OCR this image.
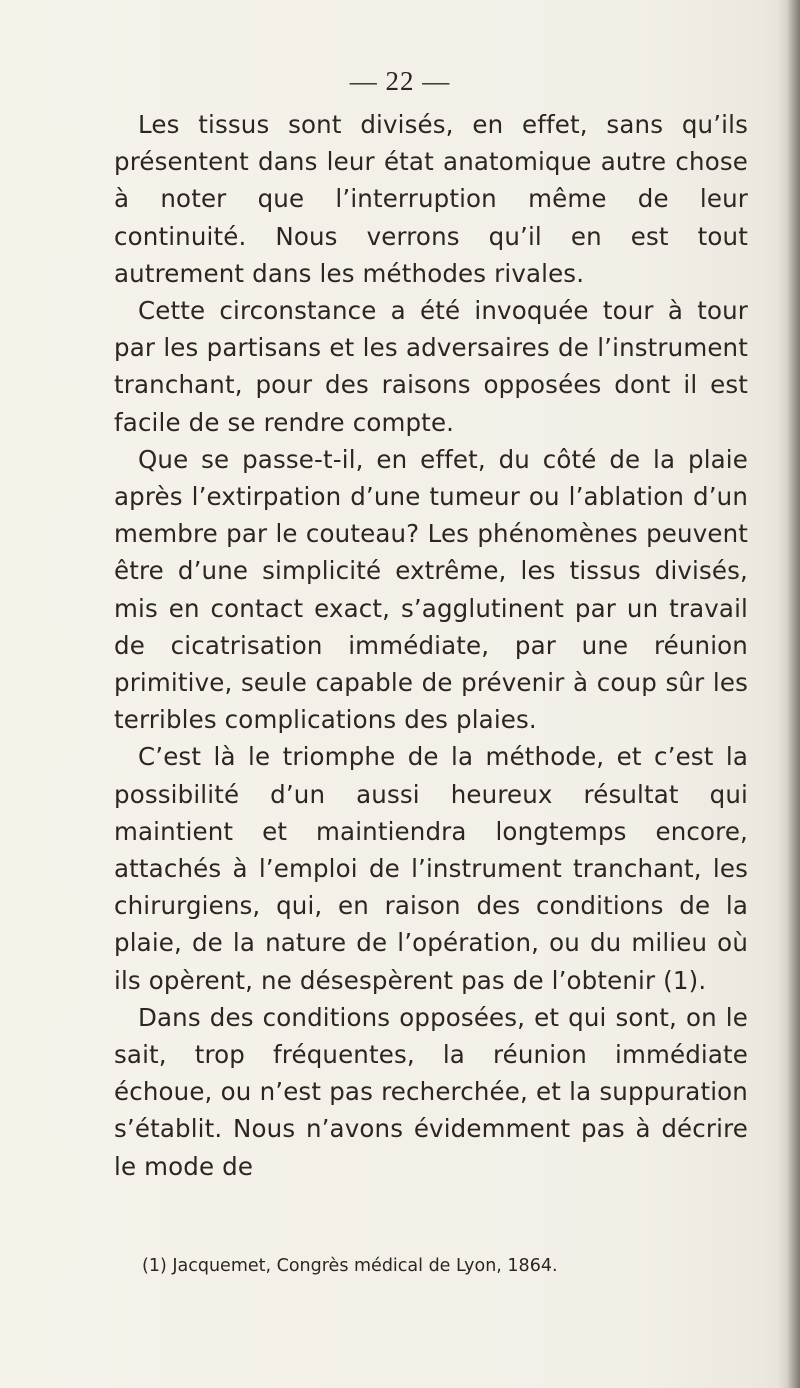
— 22 —

Les tissus sont divisés, en effet, sans qu’ils présentent dans leur état anatomique autre chose à noter que l’interruption même de leur continuité. Nous verrons qu’il en est tout autrement dans les méthodes rivales.

Cette circonstance a été invoquée tour à tour par les partisans et les adversaires de l’instrument tranchant, pour des raisons opposées dont il est facile de se rendre compte.

Que se passe-t-il, en effet, du côté de la plaie après l’extirpation d’une tumeur ou l’ablation d’un membre par le couteau? Les phénomènes peuvent être d’une simplicité extrême, les tissus divisés, mis en contact exact, s’agglutinent par un travail de cicatrisation immédiate, par une réunion primitive, seule capable de prévenir à coup sûr les terribles complications des plaies.

C’est là le triomphe de la méthode, et c’est la possibilité d’un aussi heureux résultat qui maintient et maintiendra longtemps encore, attachés à l’emploi de l’instrument tranchant, les chirurgiens, qui, en raison des conditions de la plaie, de la nature de l’opération, ou du milieu où ils opèrent, ne désespèrent pas de l’obtenir (1).

Dans des conditions opposées, et qui sont, on le sait, trop fréquentes, la réunion immédiate échoue, ou n’est pas recherchée, et la suppuration s’établit. Nous n’avons évidemment pas à décrire le mode de

(1) Jacquemet, Congrès médical de Lyon, 1864.
